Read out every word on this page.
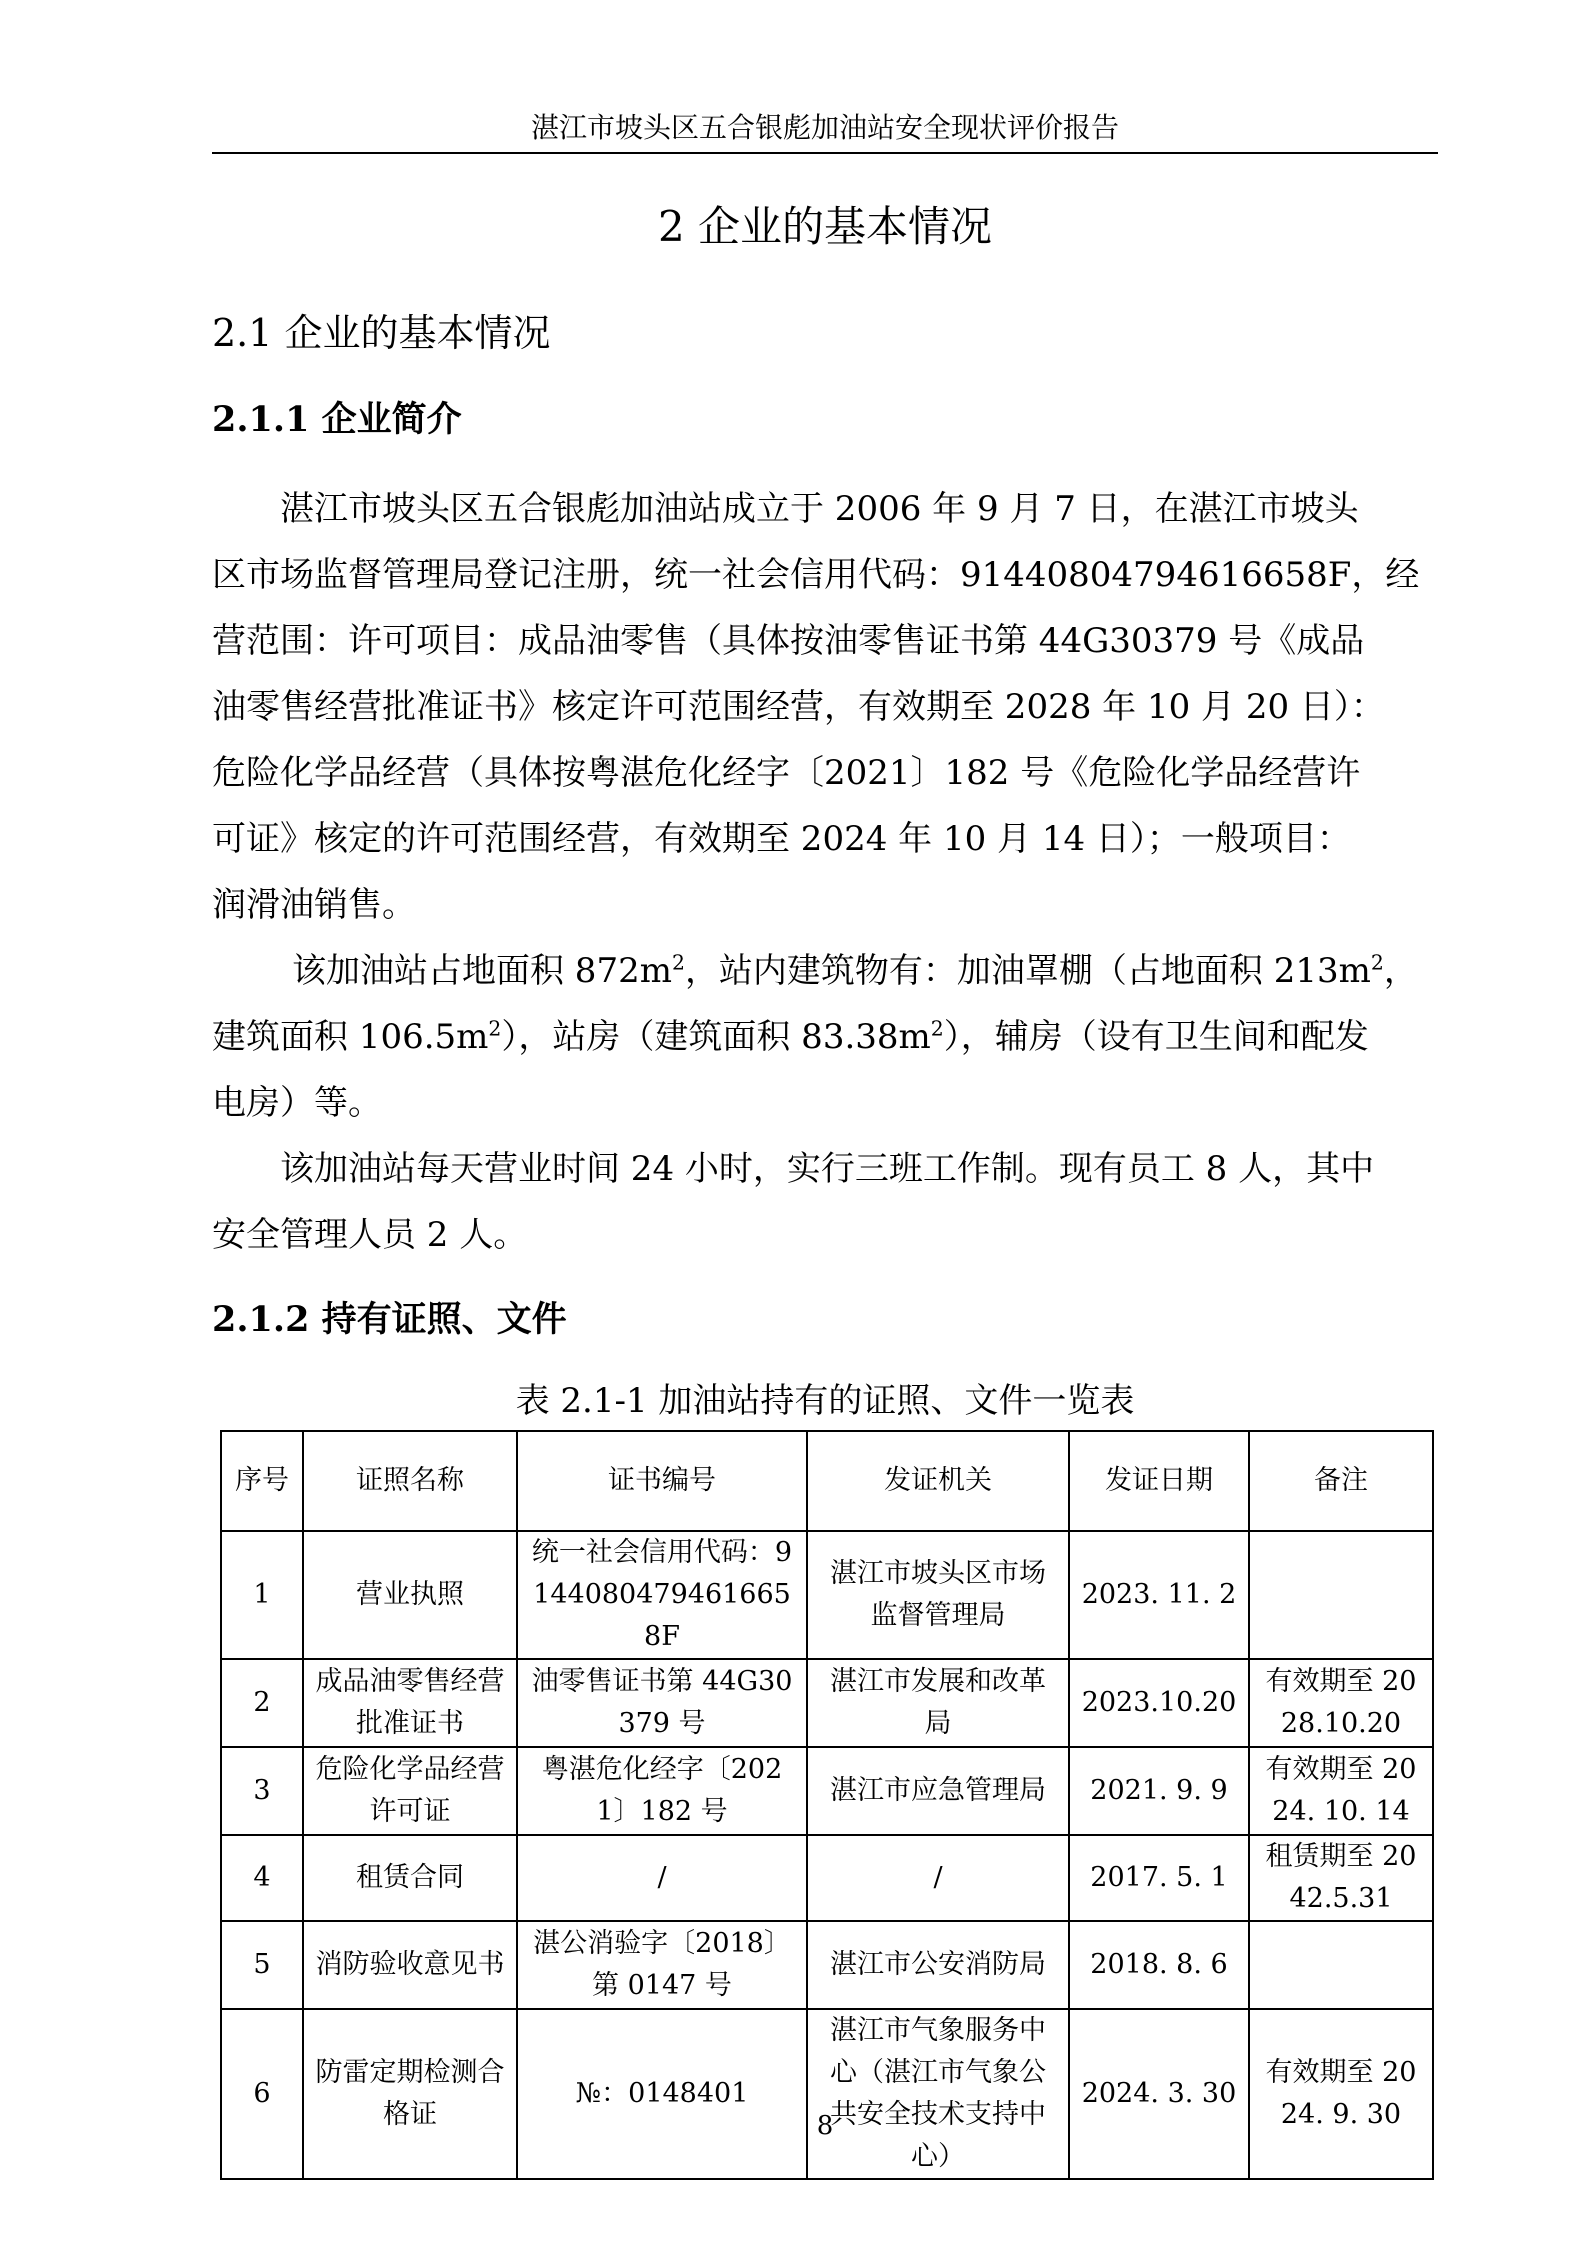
湛江市坡头区五合银彪加油站安全现状评价报告
2 企业的基本情况
2.1 企业的基本情况
2.1.1 企业简介
湛江市坡头区五合银彪加油站成立于 2006 年 9 月 7 日，在湛江市坡头
区市场监督管理局登记注册，统一社会信用代码：91440804794616658F，经
营范围：许可项目：成品油零售（具体按油零售证书第 44G30379 号《成品
油零售经营批准证书》核定许可范围经营，有效期至 2028 年 10 月 20 日）：
危险化学品经营（具体按粤湛危化经字〔2021〕182 号《危险化学品经营许
可证》核定的许可范围经营，有效期至 2024 年 10 月 14 日）；一般项目：
润滑油销售。
该加油站占地面积 $872m^2$，站内建筑物有：加油罩棚（占地面积 $213m^2$，
建筑面积 $106.5m^2$），站房（建筑面积 $83.38m^2$），辅房（设有卫生间和配发
电房）等。
该加油站每天营业时间 24 小时，实行三班工作制。现有员工 8 人，其中
安全管理人员 2 人。
2.1.2 持有证照、文件
表 2.1-1 加油站持有的证照、文件一览表
序号	证照名称	证书编号	发证机关	发证日期	备注
1	营业执照	统一社会信用代码：91440804794616658F	湛江市坡头区市场监督管理局	2023. 11. 2	
2	成品油零售经营批准证书	油零售证书第 44G30379 号	湛江市发展和改革局	2023.10.20	有效期至 2028.10.20
3	危险化学品经营许可证	粤湛危化经字〔2021〕182 号	湛江市应急管理局	2021. 9. 9	有效期至 2024. 10. 14
4	租赁合同	/	/	2017. 5. 1	租赁期至 2042.5.31
5	消防验收意见书	湛公消验字〔2018〕第 0147 号	湛江市公安消防局	2018. 8. 6	
6	防雷定期检测合格证	№：0148401	湛江市气象服务中心（湛江市气象公共安全技术支持中心）	2024. 3. 30	有效期至 2024. 9. 30
8
